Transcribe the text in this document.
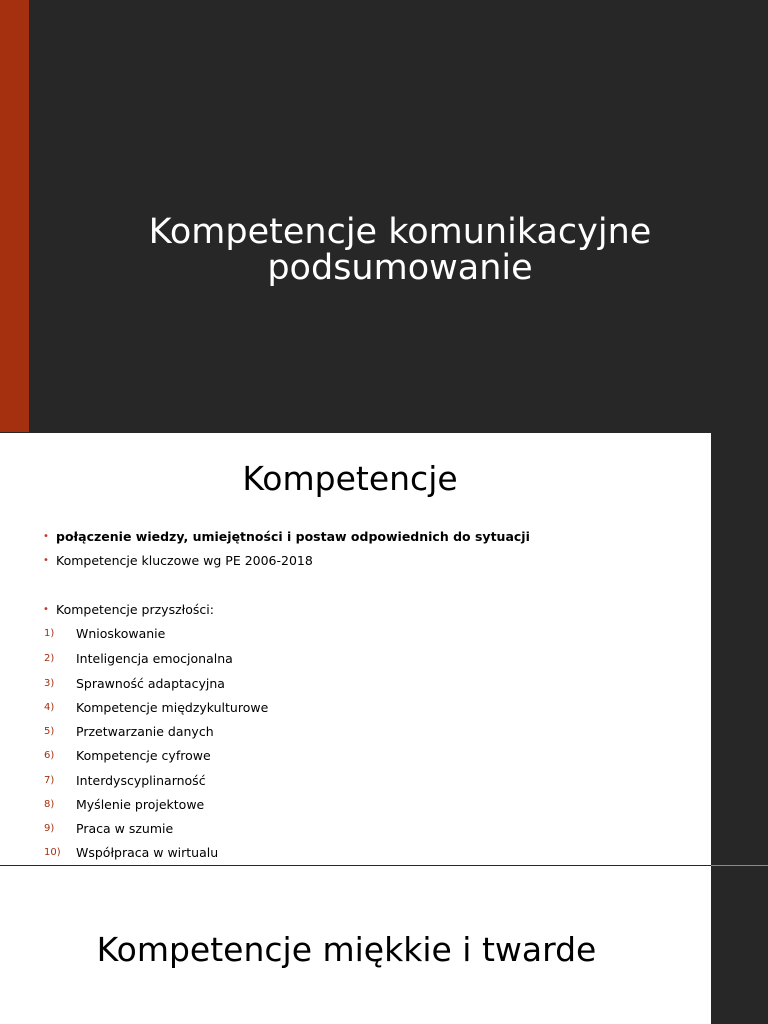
Kompetencje komunikacyjne
podsumowanie
Kompetencje
• połączenie wiedzy, umiejętności i postaw odpowiednich do sytuacji
• Kompetencje kluczowe wg PE 2006-2018
• Kompetencje przyszłości:
1) Wnioskowanie
2) Inteligencja emocjonalna
3) Sprawność adaptacyjna
4) Kompetencje międzykulturowe
5) Przetwarzanie danych
6) Kompetencje cyfrowe
7) Interdyscyplinarność
8) Myślenie projektowe
9) Praca w szumie
10) Współpraca w wirtualu
Kompetencje miękkie i twarde
